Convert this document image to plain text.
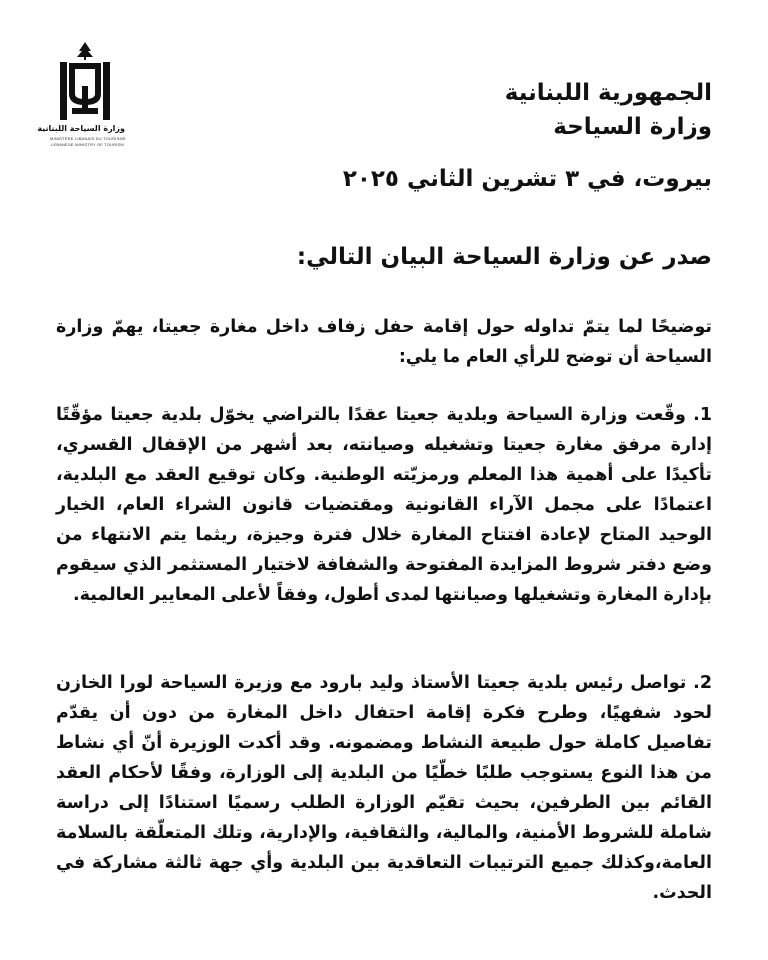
وزارة السياحة اللبنانية
MINISTÈRE LIBANAIS DU TOURISME
LEBANESE MINISTRY OF TOURISM
الجمهورية اللبنانية
وزارة السياحة
بيروت، في ٣ تشرين الثاني ٢٠٢٥
صدر عن وزارة السياحة البيان التالي:
توضيحًا لما يتمّ تداوله حول إقامة حفل زفاف داخل مغارة جعيتا، يهمّ وزارة السياحة أن توضح للرأي العام ما يلي:
1. وقّعت وزارة السياحة وبلدية جعيتا عقدًا بالتراضي يخوّل بلدية جعيتا مؤقّتًا إدارة مرفق مغارة جعيتا وتشغيله وصيانته، بعد أشهر من الإقفال القسري، تأكيدًا على أهمية هذا المعلم ورمزيّته الوطنية. وكان توقيع العقد مع البلدية، اعتمادًا على مجمل الآراء القانونية ومقتضيات قانون الشراء العام، الخيار الوحيد المتاح لإعادة افتتاح المغارة خلال فترة وجيزة، ريثما يتم الانتهاء من وضع دفتر شروط المزايدة المفتوحة والشفافة لاختيار المستثمر الذي سيقوم بإدارة المغارة وتشغيلها وصيانتها لمدى أطول، وفقاً لأعلى المعايير العالمية.
2. تواصل رئيس بلدية جعيتا الأستاذ وليد بارود مع وزيرة السياحة لورا الخازن لحود شفهيًا، وطرح فكرة إقامة احتفال داخل المغارة من دون أن يقدّم تفاصيل كاملة حول طبيعة النشاط ومضمونه. وقد أكدت الوزيرة أنّ أي نشاط من هذا النوع يستوجب طلبًا خطّيًا من البلدية إلى الوزارة، وفقًا لأحكام العقد القائم بين الطرفين، بحيث تقيّم الوزارة الطلب رسميًا استنادًا إلى دراسة شاملة للشروط الأمنية، والمالية، والثقافية، والإدارية، وتلك المتعلّقة بالسلامة العامة،وكذلك جميع الترتيبات التعاقدية بين البلدية وأي جهة ثالثة مشاركة في الحدث.
